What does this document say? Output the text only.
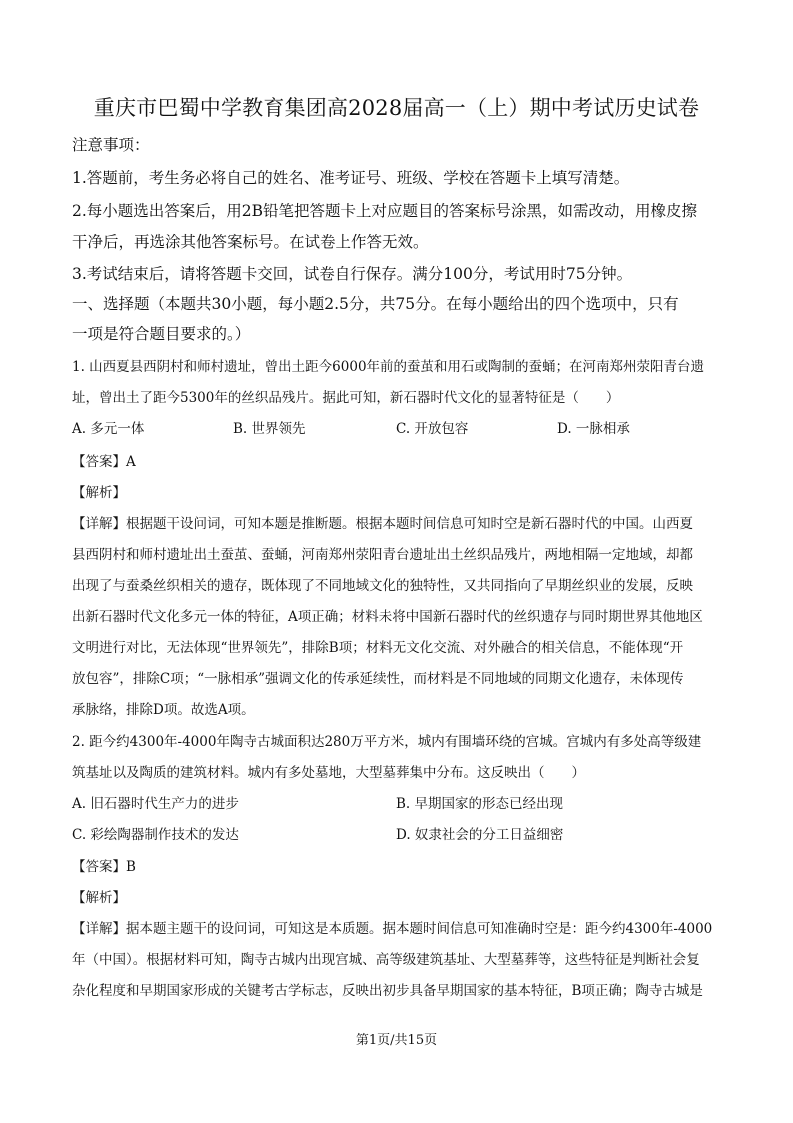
重庆市巴蜀中学教育集团高2028届高一（上）期中考试历史试卷
注意事项：
1.答题前，考生务必将自己的姓名、准考证号、班级、学校在答题卡上填写清楚。
2.每小题选出答案后，用2B铅笔把答题卡上对应题目的答案标号涂黑，如需改动，用橡皮擦
干净后，再选涂其他答案标号。在试卷上作答无效。
3.考试结束后，请将答题卡交回，试卷自行保存。满分100分，考试用时75分钟。
一、选择题（本题共30小题，每小题2.5分，共75分。在每小题给出的四个选项中，只有
一项是符合题目要求的。）
1. 山西夏县西阴村和师村遗址，曾出土距今6000年前的蚕茧和用石或陶制的蚕蛹；在河南郑州荥阳青台遗
址，曾出土了距今5300年的丝织品残片。据此可知，新石器时代文化的显著特征是（　　）
A. 多元一体	B. 世界领先	C. 开放包容	D. 一脉相承
【答案】A
【解析】
【详解】根据题干设问词，可知本题是推断题。根据本题时间信息可知时空是新石器时代的中国。山西夏
县西阴村和师村遗址出土蚕茧、蚕蛹，河南郑州荥阳青台遗址出土丝织品残片，两地相隔一定地域，却都
出现了与蚕桑丝织相关的遗存，既体现了不同地域文化的独特性，又共同指向了早期丝织业的发展，反映
出新石器时代文化多元一体的特征，A项正确；材料未将中国新石器时代的丝织遗存与同时期世界其他地区
文明进行对比，无法体现“世界领先”，排除B项；材料无文化交流、对外融合的相关信息，不能体现“开
放包容”，排除C项；“一脉相承”强调文化的传承延续性，而材料是不同地域的同期文化遗存，未体现传
承脉络，排除D项。故选A项。
2. 距今约4300年-4000年陶寺古城面积达280万平方米，城内有围墙环绕的宫城。宫城内有多处高等级建
筑基址以及陶质的建筑材料。城内有多处墓地，大型墓葬集中分布。这反映出（　　）
A. 旧石器时代生产力的进步	B. 早期国家的形态已经出现
C. 彩绘陶器制作技术的发达	D. 奴隶社会的分工日益细密
【答案】B
【解析】
【详解】据本题主题干的设问词，可知这是本质题。据本题时间信息可知准确时空是：距今约4300年-4000
年（中国）。根据材料可知，陶寺古城内出现宫城、高等级建筑基址、大型墓葬等，这些特征是判断社会复
杂化程度和早期国家形成的关键考古学标志，反映出初步具备早期国家的基本特征，B项正确；陶寺古城是
第1页/共15页
